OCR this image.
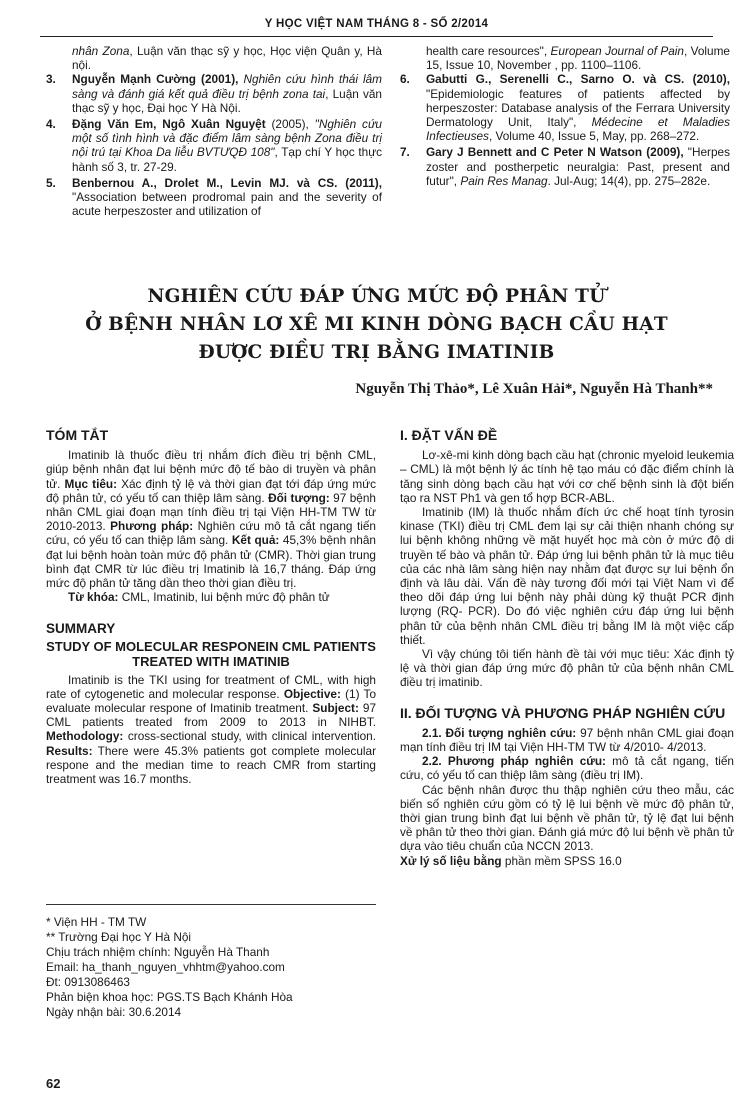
Y HỌC VIỆT NAM THÁNG 8 - SỐ 2/2014
nhân Zona, Luận văn thạc sỹ y học, Học viện Quân y, Hà nội.
3.	Nguyễn Mạnh Cường (2001), Nghiên cứu hình thái lâm sàng và đánh giá kết quả điều trị bệnh zona tai, Luận văn thạc sỹ y học, Đại học Y Hà Nội.
4.	Đặng Văn Em, Ngô Xuân Nguyệt (2005), "Nghiên cứu một số tình hình và đặc điểm lâm sàng bệnh Zona điều trị nội trú tại Khoa Da liễu BVTƯQĐ 108", Tạp chí Y học thực hành số 3, tr. 27-29.
5.	Benbernou A., Drolet M., Levin MJ. và CS. (2011), "Association between prodromal pain and the severity of acute herpeszoster and utilization of
health care resources", European Journal of Pain, Volume 15, Issue 10, November , pp. 1100–1106.
6.	Gabutti G., Serenelli C., Sarno O. và CS. (2010), "Epidemiologic features of patients affected by herpeszoster: Database analysis of the Ferrara University Dermatology Unit, Italy", Médecine et Maladies Infectieuses, Volume 40, Issue 5, May, pp. 268–272.
7.	Gary J Bennett and C Peter N Watson (2009), "Herpes zoster and postherpetic neuralgia: Past, present and futur", Pain Res Manag. Jul-Aug; 14(4), pp. 275–282e.
NGHIÊN CỨU ĐÁP ỨNG MỨC ĐỘ PHÂN TỬ
Ở BỆNH NHÂN LƠ XÊ MI KINH DÒNG BẠCH CẦU HẠT
ĐƯỢC ĐIỀU TRỊ BẰNG IMATINIB
Nguyễn Thị Thảo*, Lê Xuân Hải*, Nguyễn Hà Thanh**
TÓM TẮT

Imatinib là thuốc điều trị nhắm đích điều trị bệnh CML, giúp bệnh nhân đạt lui bệnh mức độ tế bào di truyền và phân tử. Mục tiêu: Xác định tỷ lệ và thời gian đạt tới đáp ứng mức độ phân tử, có yếu tố can thiệp lâm sàng. Đối tượng: 97 bệnh nhân CML giai đoạn mạn tính điều trị tại Viện HH-TM TW từ 2010-2013. Phương pháp: Nghiên cứu mô tả cắt ngang tiến cứu, có yếu tố can thiệp lâm sàng. Kết quả: 45,3% bệnh nhân đạt lui bệnh hoàn toàn mức độ phân tử (CMR). Thời gian trung bình đạt CMR từ lúc điều trị Imatinib là 16,7 tháng. Đáp ứng mức độ phân tử tăng dần theo thời gian điều trị.

Từ khóa: CML, Imatinib, lui bệnh mức độ phân tử

SUMMARY
STUDY OF MOLECULAR RESPONEIN CML PATIENTS TREATED WITH IMATINIB

Imatinib is the TKI using for treatment of CML, with high rate of cytogenetic and molecular response. Objective: (1) To evaluate molecular respone of Imatinib treatment. Subject: 97 CML patients treated from 2009 to 2013 in NIHBT. Methodology: cross-sectional study, with clinical intervention. Results: There were 45.3% patients got complete molecular respone and the median time to reach CMR from starting treatment was 16.7 months.

* Viện HH - TM TW

** Trường Đại học Y Hà Nội

Chịu trách nhiệm chính: Nguyễn Hà Thanh

Email: ha_thanh_nguyen_vhhtm@yahoo.com

Đt: 0913086463

Phản biện khoa học: PGS.TS Bạch Khánh Hòa

Ngày nhận bài: 30.6.2014

I. ĐẶT VẤN ĐỀ

Lơ-xê-mi kinh dòng bạch cầu hạt (chronic myeloid leukemia – CML) là một bệnh lý ác tính hệ tạo máu có đặc điểm chính là tăng sinh dòng bạch cầu hạt với cơ chế bệnh sinh là đột biến tạo ra NST Ph1 và gen tổ hợp BCR-ABL.

Imatinib (IM) là thuốc nhắm đích ức chế hoạt tính tyrosin kinase (TKI) điều trị CML đem lại sự cải thiện nhanh chóng sự lui bệnh không những về mặt huyết học mà còn ở mức độ di truyền tế bào và phân tử. Đáp ứng lui bệnh phân tử là mục tiêu của các nhà lâm sàng hiện nay nhằm đạt được sự lui bệnh ổn định và lâu dài. Vấn đề này tương đối mới tại Việt Nam vì để theo dõi đáp ứng lui bệnh này phải dùng kỹ thuật PCR định lượng (RQ- PCR). Do đó việc nghiên cứu đáp ứng lui bệnh phân tử của bệnh nhân CML điều trị bằng IM là một việc cấp thiết.

Vì vậy chúng tôi tiến hành đề tài với mục tiêu: Xác định tỷ lệ và thời gian đáp ứng mức độ phân tử của bệnh nhân CML điều trị imatinib.

II. ĐỐI TƯỢNG VÀ PHƯƠNG PHÁP NGHIÊN CỨU

2.1. Đối tượng nghiên cứu: 97 bệnh nhân CML giai đoạn mạn tính điều trị IM tại Viện HH-TM TW từ 4/2010- 4/2013.

2.2. Phương pháp nghiên cứu: mô tả cắt ngang, tiến cứu, có yếu tố can thiệp lâm sàng (điều trị IM).

Các bệnh nhân được thu thập nghiên cứu theo mẫu, các biến số nghiên cứu gồm có tỷ lệ lui bệnh về mức độ phân tử, thời gian trung bình đạt lui bệnh về phân tử, tỷ lệ đạt lui bệnh về phân tử theo thời gian. Đánh giá mức độ lui bệnh về phân tử dựa vào tiêu chuẩn của NCCN 2013.

Xử lý số liệu bằng phần mềm SPSS 16.0

62
